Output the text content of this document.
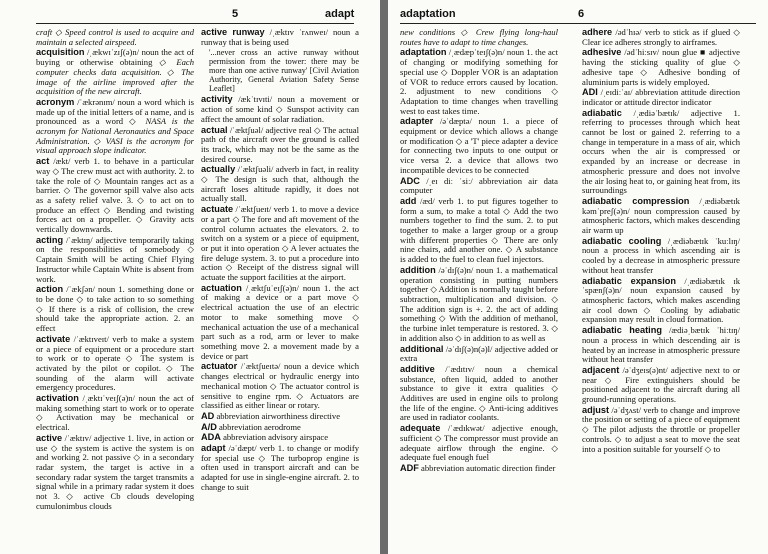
5	adapt
craft ◇ Speed control is used to acquire and maintain a selected airspeed.
acquisition /ˌækwɪˈzɪʃ(ə)n/ noun the act of buying or otherwise obtaining ◇ Each computer checks data acquisition. ◇ The image of the airline improved after the acquisition of the new aircraft.
acronym /ˈækrənɪm/ noun a word which is made up of the initial letters of a name, and is pronounced as a word ◇ NASA is the acronym for National Aeronautics and Space Administration. ◇ VASI is the acronym for visual approach slope indicator.
act /ækt/ verb 1. to behave in a particular way ◇ The crew must act with authority. 2. to take the role of ◇ Mountain ranges act as a barrier. ◇ The governor spill valve also acts as a safety relief valve. 3. ◇ to act on to produce an effect ◇ Bending and twisting forces act on a propeller. ◇ Gravity acts vertically downwards.
acting /ˈæktɪŋ/ adjective temporarily taking on the responsibilities of somebody ◇ Captain Smith will be acting Chief Flying Instructor while Captain White is absent from work.
action /ˈækʃən/ noun 1. something done or to be done ◇ to take action to so something ◇ If there is a risk of collision, the crew should take the appropriate action. 2. an effect
activate /ˈæktɪveɪt/ verb to make a system or a piece of equipment or a procedure start to work or to operate ◇ The system is activated by the pilot or copilot. ◇ The sounding of the alarm will activate emergency procedures.
activation /ˌæktɪˈveɪʃ(ə)n/ noun the act of making something start to work or to operate ◇ Activation may be mechanical or electrical.
active /ˈæktɪv/ adjective 1. live, in action or use ◇ the system is active the system is on and working 2. not passive ◇ in a secondary radar system, the target is active in a secondary radar system the target transmits a signal while in a primary radar system it does not 3. ◇ active Cb clouds developing cumulonimbus clouds
active runway /ˌæktɪv ˈrʌnweɪ/ noun a runway that is being used
'...never cross an active runway without permission from the tower: there may be more than one active runway' [Civil Aviation Authority, General Aviation Safety Sense Leaflet]
activity /ækˈtɪvɪti/ noun a movement or action of some kind ◇ Sunspot activity can affect the amount of solar radiation.
actual /ˈæktʃuəl/ adjective real ◇ The actual path of the aircraft over the ground is called its track, which may not be the same as the desired course.
actually /ˈæktʃuəli/ adverb in fact, in reality ◇ The design is such that, although the aircraft loses altitude rapidly, it does not actually stall.
actuate /ˈæktʃueɪt/ verb 1. to move a device or a part ◇ The fore and aft movement of the control column actuates the elevators. 2. to switch on a system or a piece of equipment, or put it into operation ◇ A lever actuates the fire deluge system. 3. to put a procedure into action ◇ Receipt of the distress signal will actuate the support facilities at the airport.
actuation /ˌæktʃuˈeɪʃ(ə)n/ noun 1. the act of making a device or a part move ◇ electrical actuation the use of an electric motor to make something move ◇ mechanical actuation the use of a mechanical part such as a rod, arm or lever to make something move 2. a movement made by a device or part
actuator /ˈæktʃueɪtə/ noun a device which changes electrical or hydraulic energy into mechanical motion ◇ The actuator control is sensitive to engine rpm. ◇ Actuators are classified as either linear or rotary.
AD abbreviation airworthiness directive
A/D abbreviation aerodrome
ADA abbreviation advisory airspace
adapt /əˈdæpt/ verb 1. to change or modify for special use ◇ The turboprop engine is often used in transport aircraft and can be adapted for use in single-engine aircraft. 2. to change to suit
adaptation	6
new conditions ◇ Crew flying long-haul routes have to adapt to time changes.
adaptation /ˌædæpˈteɪʃ(ə)n/ noun 1. the act of changing or modifying something for special use ◇ Doppler VOR is an adaptation of VOR to reduce errors caused by location. 2. adjustment to new conditions ◇ Adaptation to time changes when travelling west to east takes time.
adapter /əˈdæptə/ noun 1. a piece of equipment or device which allows a change or modification ◇ a 'T' piece adapter a device for connecting two inputs to one output or vice versa 2. a device that allows two incompatible devices to be connected
ADC /ˌeɪ diː ˈsiː/ abbreviation air data computer
add /æd/ verb 1. to put figures together to form a sum, to make a total ◇ Add the two numbers together to find the sum. 2. to put together to make a larger group or a group with different properties ◇ There are only nine chairs, add another one. ◇ A substance is added to the fuel to clean fuel injectors.
addition /əˈdɪʃ(ə)n/ noun 1. a mathematical operation consisting in putting numbers together ◇ Addition is normally taught before subtraction, multiplication and division. ◇ The addition sign is +. 2. the act of adding something ◇ With the addition of methanol, the turbine inlet temperature is restored. 3. ◇ in addition also ◇ in addition to as well as
additional /əˈdɪʃ(ə)n(ə)l/ adjective added or extra
additive /ˈædɪtɪv/ noun a chemical substance, often liquid, added to another substance to give it extra qualities ◇ Additives are used in engine oils to prolong the life of the engine. ◇ Anti-icing additives are used in radiator coolants.
adequate /ˈædɪkwət/ adjective enough, sufficient ◇ The compressor must provide an adequate airflow through the engine. ◇ adequate fuel enough fuel
ADF abbreviation automatic direction finder
adhere /ədˈhɪə/ verb to stick as if glued ◇ Clear ice adheres strongly to airframes.
adhesive /ədˈhiːsɪv/ noun glue ■ adjective having the sticking quality of glue ◇ adhesive tape ◇ Adhesive bonding of aluminium parts is widely employed.
ADI /ˌeɪdiːˈaɪ/ abbreviation attitude direction indicator or attitude director indicator
adiabatic /ˌædiəˈbætɪk/ adjective 1. referring to processes through which heat cannot be lost or gained 2. referring to a change in temperature in a mass of air, which occurs when the air is compressed or expanded by an increase or decrease in atmospheric pressure and does not involve the air losing heat to, or gaining heat from, its surroundings
adiabatic compression /ˌædiəbætɪk kəmˈpreʃ(ə)n/ noun compression caused by atmospheric factors, which makes descending air warm up
adiabatic cooling /ˌædiəbætɪk ˈkuːlɪŋ/ noun a process in which ascending air is cooled by a decrease in atmospheric pressure without heat transfer
adiabatic expansion /ˌædiəbætɪk ɪkˈspænʃ(ə)n/ noun expansion caused by atmospheric factors, which makes ascending air cool down ◇ Cooling by adiabatic expansion may result in cloud formation.
adiabatic heating /ædiəˌbætɪk ˈhiːtɪŋ/ noun a process in which descending air is heated by an increase in atmospheric pressure without heat transfer
adjacent /əˈdʒeɪs(ə)nt/ adjective next to or near ◇ Fire extinguishers should be positioned adjacent to the aircraft during all ground-running operations.
adjust /əˈdʒʌst/ verb to change and improve the position or setting of a piece of equipment ◇ The pilot adjusts the throttle or propeller controls. ◇ to adjust a seat to move the seat into a position suitable for yourself ◇ to
